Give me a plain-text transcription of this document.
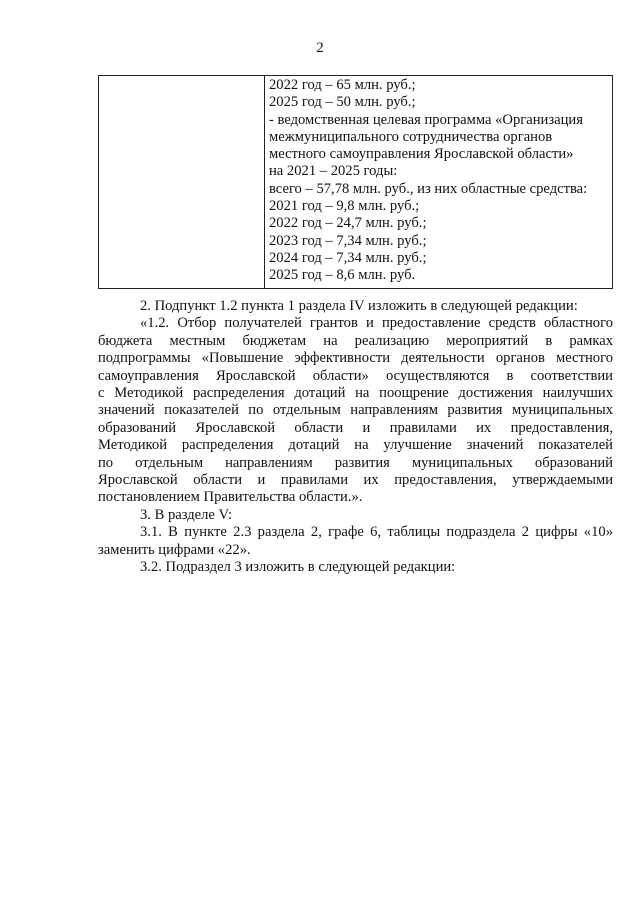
2

2022 год – 65 млн. руб.;
2025 год – 50 млн. руб.;
- ведомственная целевая программа «Организация
межмуниципального сотрудничества органов
местного самоуправления Ярославской области»
на 2021 – 2025 годы:
всего – 57,78 млн. руб., из них областные средства:
2021 год – 9,8 млн. руб.;
2022 год – 24,7 млн. руб.;
2023 год – 7,34 млн. руб.;
2024 год – 7,34 млн. руб.;
2025 год – 8,6 млн. руб.

2. Подпункт 1.2 пункта 1 раздела IV изложить в следующей редакции:

«1.2. Отбор получателей грантов и предоставление средств областного
бюджета местным бюджетам на реализацию мероприятий в рамках
подпрограммы «Повышение эффективности деятельности органов местного
самоуправления Ярославской области» осуществляются в соответствии
с Методикой распределения дотаций на поощрение достижения наилучших
значений показателей по отдельным направлениям развития муниципальных
образований Ярославской области и правилами их предоставления,
Методикой распределения дотаций на улучшение значений показателей
по отдельным направлениям развития муниципальных образований
Ярославской области и правилами их предоставления, утверждаемыми
постановлением Правительства области.».

3. В разделе V:

3.1. В пункте 2.3 раздела 2, графе 6, таблицы подраздела 2 цифры «10»
заменить цифрами «22».

3.2. Подраздел 3 изложить в следующей редакции:
